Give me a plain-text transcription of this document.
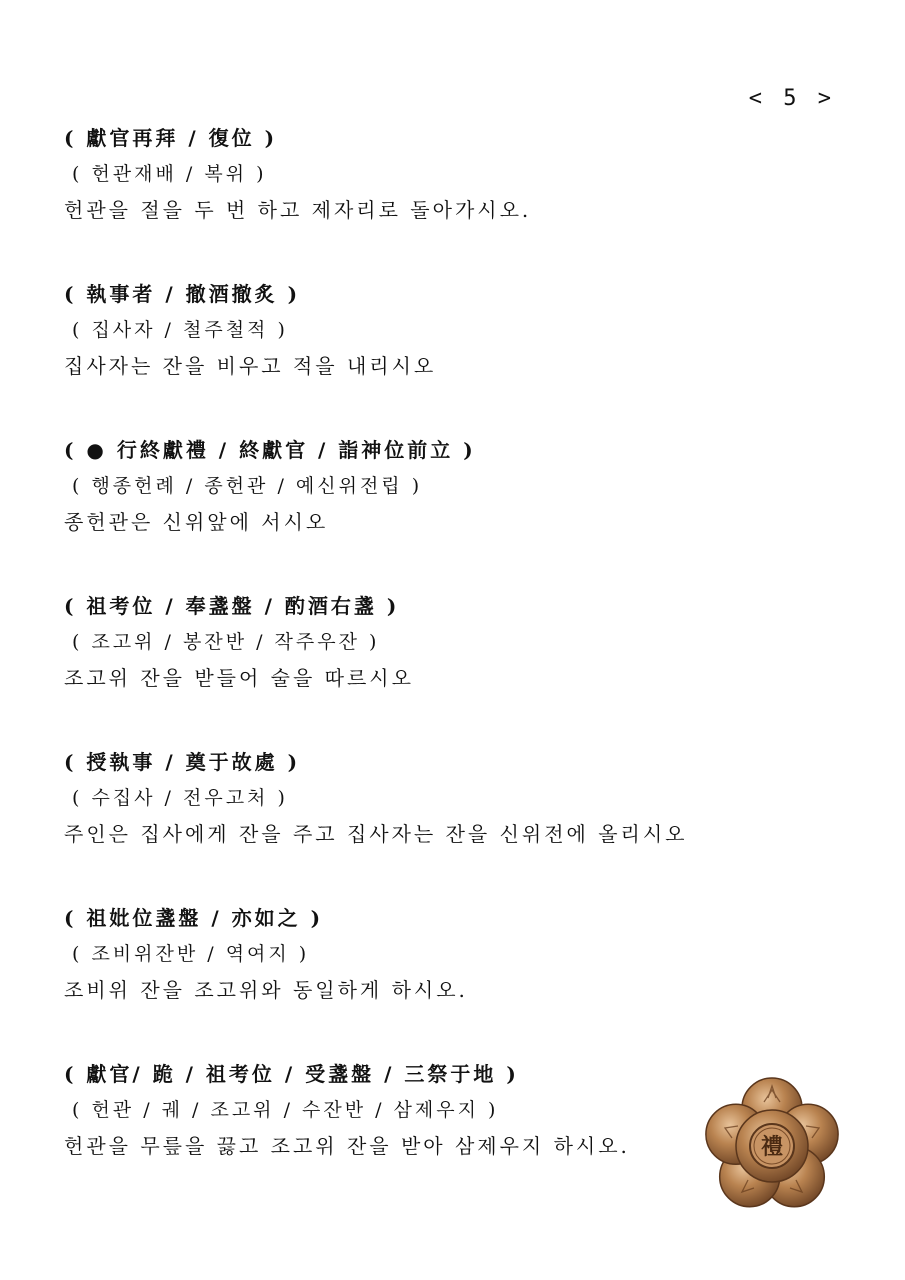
< 5 >
( 獻官再拜 / 復位 )
( 헌관재배 / 복위 )
헌관을 절을 두 번 하고 제자리로 돌아가시오.
( 執事者 / 撤酒撤炙 )
( 집사자 / 철주철적 )
집사자는 잔을 비우고 적을 내리시오
( ● 行終獻禮 / 終獻官 / 詣神位前立 )
( 행종헌례 / 종헌관 / 예신위전립 )
종헌관은 신위앞에 서시오
( 祖考位 / 奉盞盤 / 酌酒右盞 )
( 조고위 / 봉잔반 / 작주우잔 )
조고위 잔을 받들어 술을 따르시오
( 授執事 / 奠于故處 )
( 수집사 / 전우고처 )
주인은 집사에게 잔을 주고 집사자는 잔을 신위전에 올리시오
( 祖妣位盞盤 / 亦如之 )
( 조비위잔반 / 역여지 )
조비위 잔을 조고위와 동일하게 하시오.
( 獻官/ 跪 / 祖考位 / 受盞盤 / 三祭于地 )
( 헌관 / 궤 / 조고위 / 수잔반 / 삼제우지 )
헌관을 무릎을 끓고 조고위 잔을 받아 삼제우지 하시오.	禮
